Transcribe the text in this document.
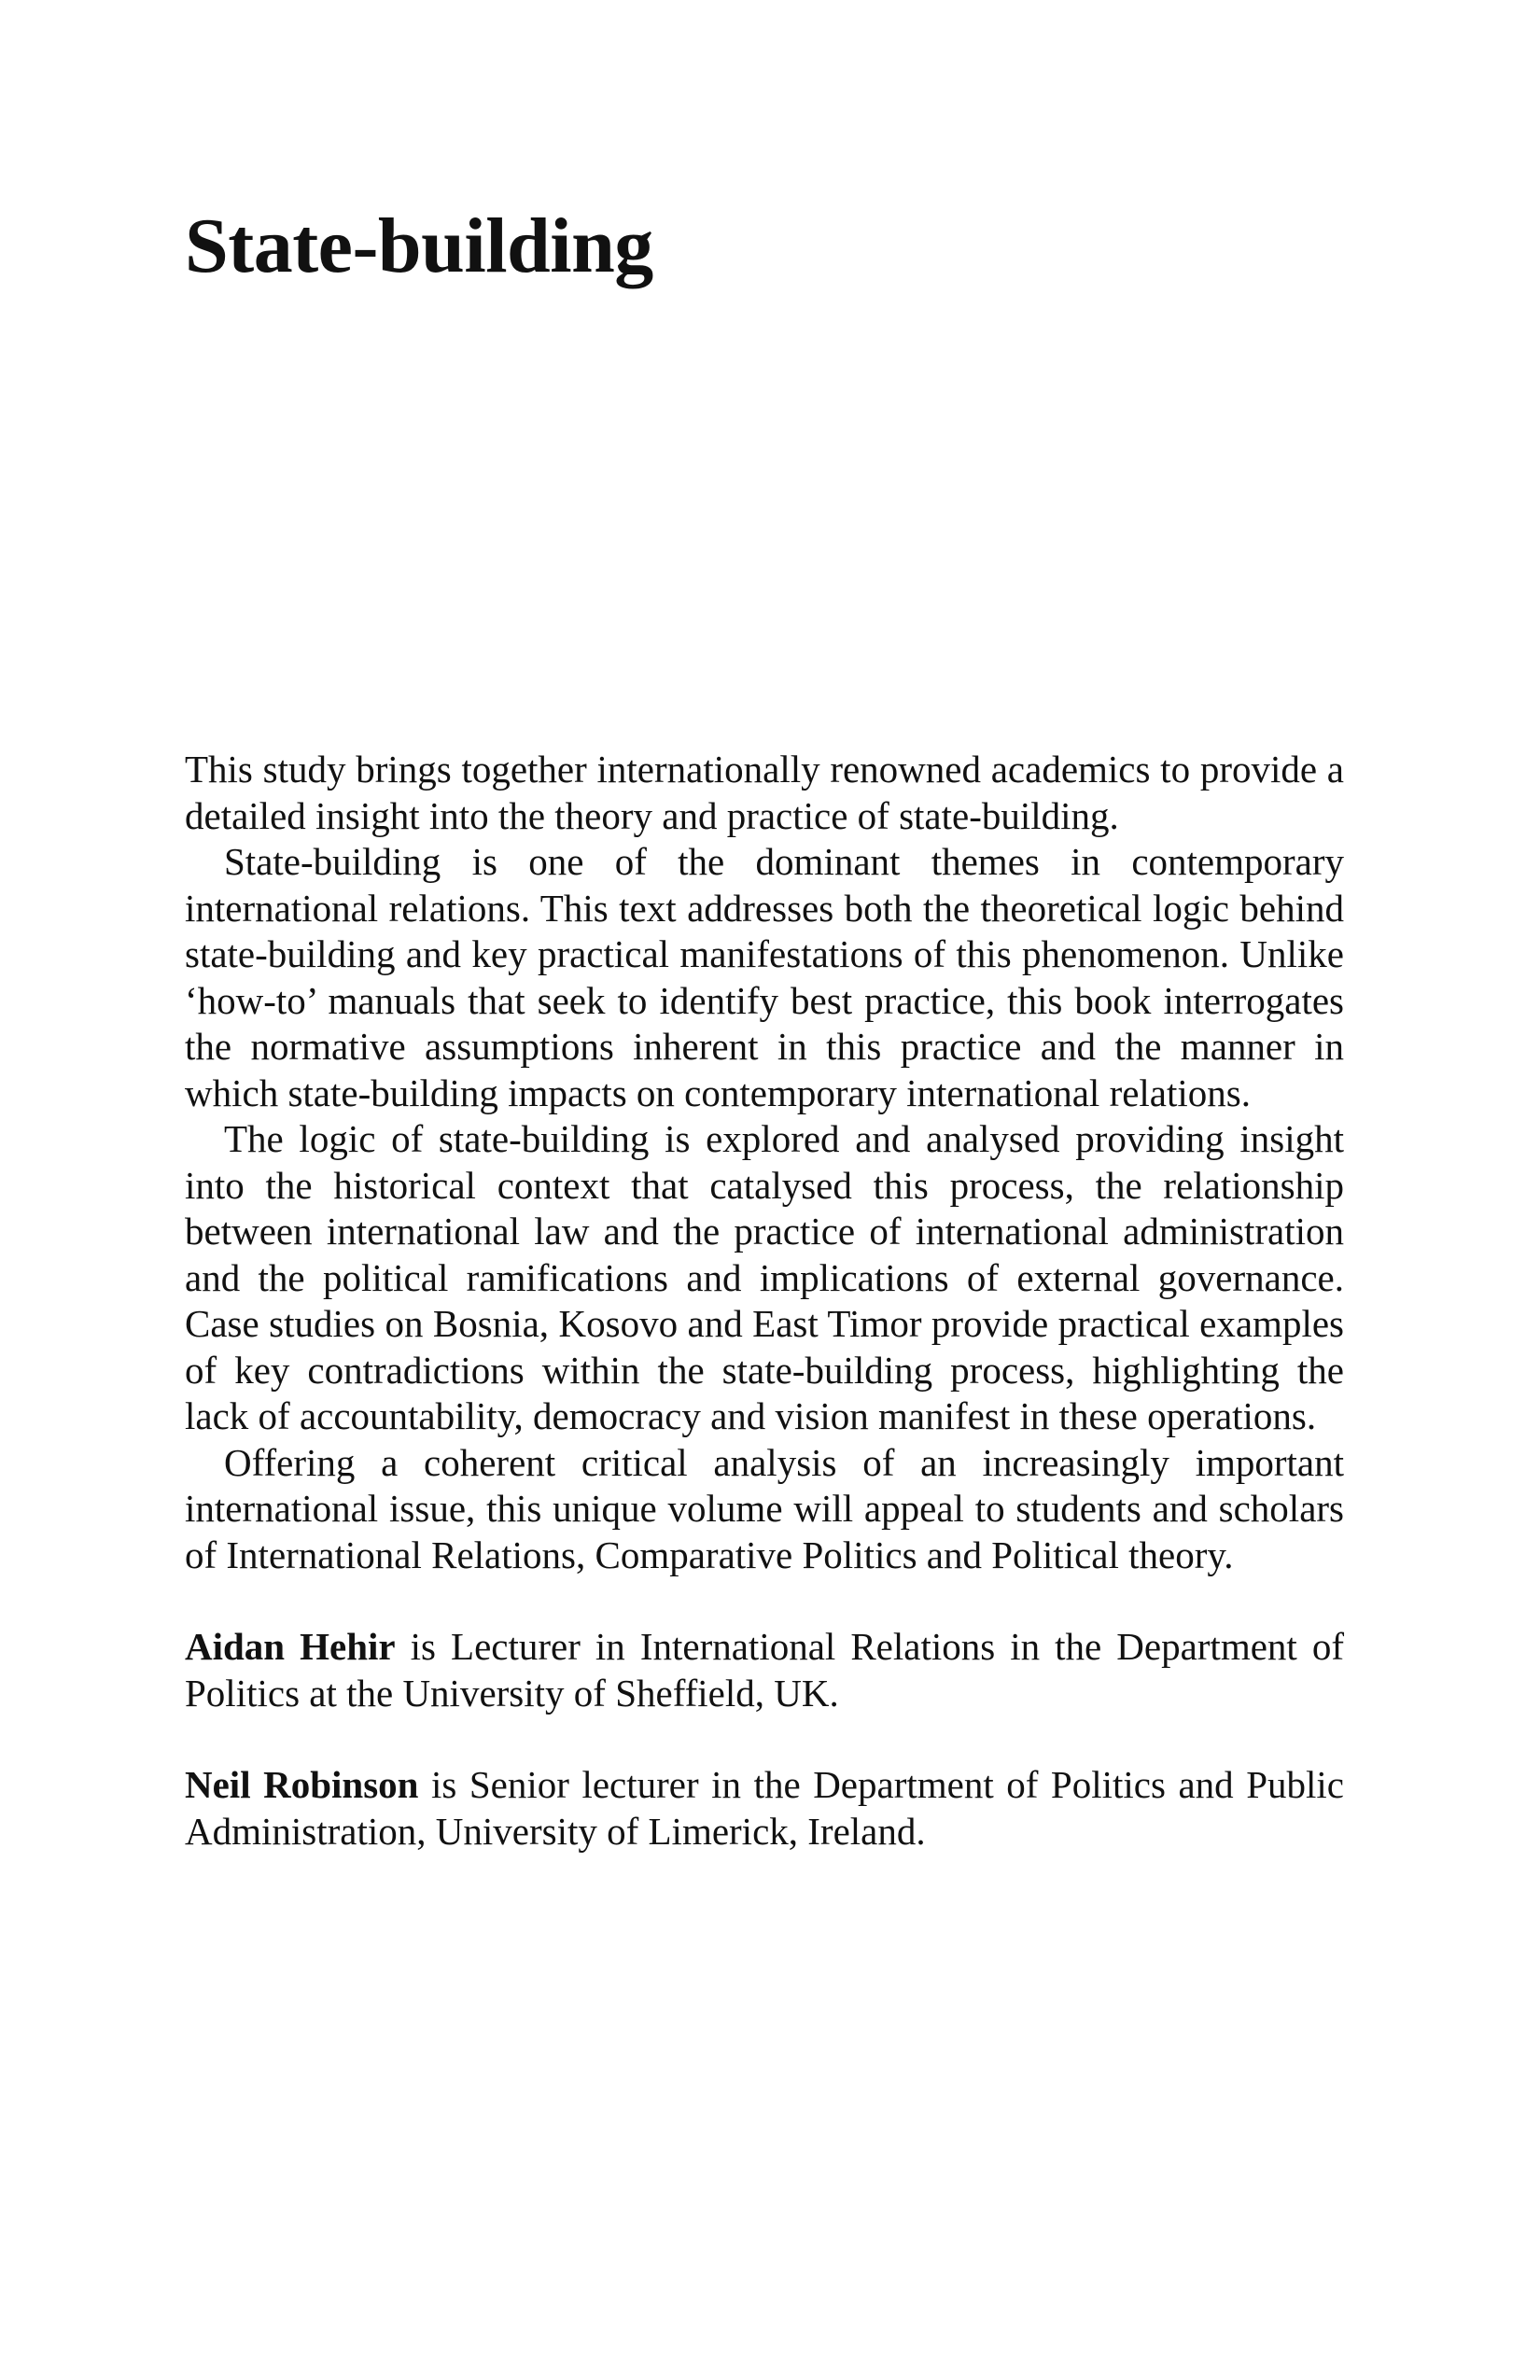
State-building

This study brings together internationally renowned academics to provide a detailed insight into the theory and practice of state-building.

State-building is one of the dominant themes in contemporary international relations. This text addresses both the theoretical logic behind state-building and key practical manifestations of this phenomenon. Unlike ‘how-to’ manuals that seek to identify best practice, this book interrogates the normative assumptions inherent in this practice and the manner in which state-building impacts on contemporary international relations.

The logic of state-building is explored and analysed providing insight into the historical context that catalysed this process, the relationship between international law and the practice of international administration and the political ramifications and implications of external governance. Case studies on Bosnia, Kosovo and East Timor provide practical examples of key contradictions within the state-building process, highlighting the lack of accountability, democracy and vision manifest in these operations.

Offering a coherent critical analysis of an increasingly important international issue, this unique volume will appeal to students and scholars of International Relations, Comparative Politics and Political theory.

Aidan Hehir is Lecturer in International Relations in the Department of Politics at the University of Sheffield, UK.

Neil Robinson is Senior lecturer in the Department of Politics and Public Administration, University of Limerick, Ireland.
